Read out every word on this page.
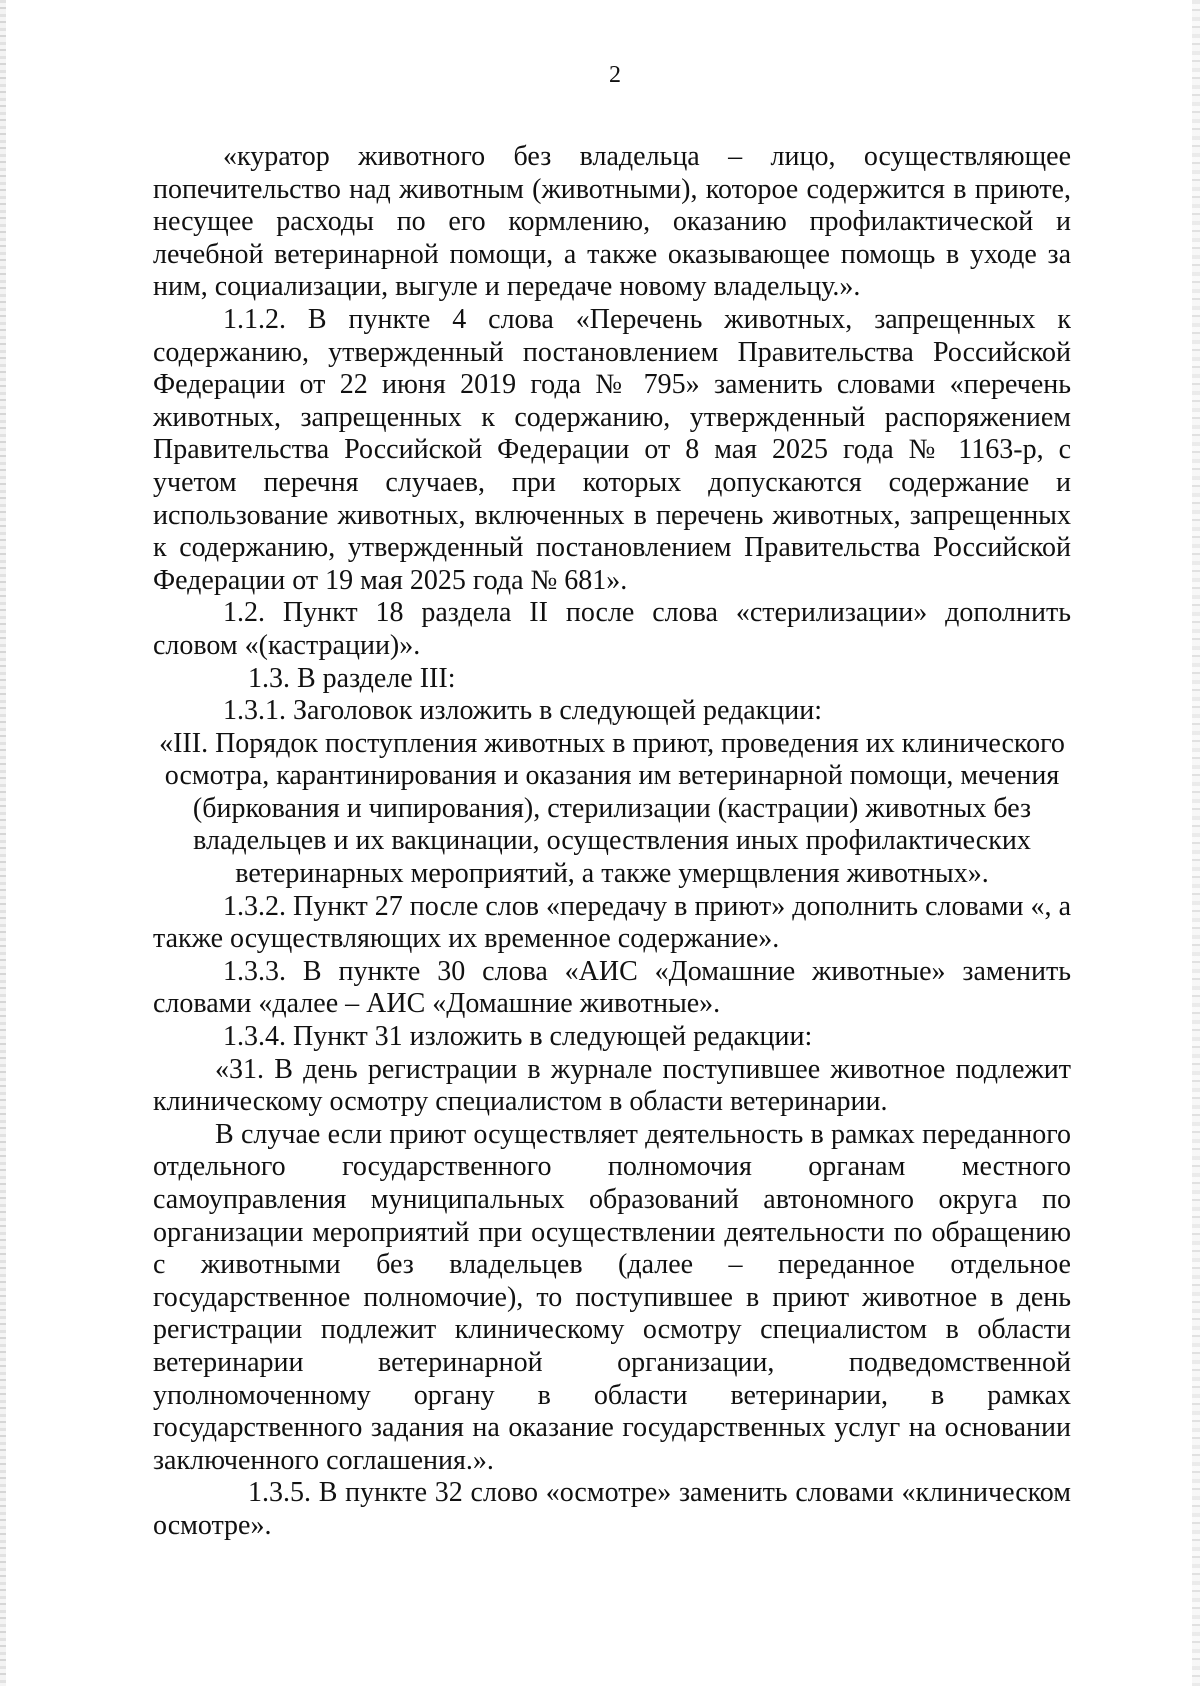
2

«куратор животного без владельца – лицо, осуществляющее попечительство над животным (животными), которое содержится в приюте, несущее расходы по его кормлению, оказанию профилактической и лечебной ветеринарной помощи, а также оказывающее помощь в уходе за ним, социализации, выгуле и передаче новому владельцу.».

1.1.2. В пункте 4 слова «Перечень животных, запрещенных к содержанию, утвержденный постановлением Правительства Российской Федерации от 22 июня 2019 года № 795» заменить словами «перечень животных, запрещенных к содержанию, утвержденный распоряжением Правительства Российской Федерации от 8 мая 2025 года № 1163-р, с учетом перечня случаев, при которых допускаются содержание и использование животных, включенных в перечень животных, запрещенных к содержанию, утвержденный постановлением Правительства Российской Федерации от 19 мая 2025 года № 681».

1.2. Пункт 18 раздела II после слова «стерилизации» дополнить словом «(кастрации)».

1.3. В разделе III:

1.3.1. Заголовок изложить в следующей редакции:

«III. Порядок поступления животных в приют, проведения их клинического осмотра, карантинирования и оказания им ветеринарной помощи, мечения (биркования и чипирования), стерилизации (кастрации) животных без владельцев и их вакцинации, осуществления иных профилактических ветеринарных мероприятий, а также умерщвления животных».

1.3.2. Пункт 27 после слов «передачу в приют» дополнить словами «, а также осуществляющих их временное содержание».

1.3.3. В пункте 30 слова «АИС «Домашние животные» заменить словами «далее – АИС «Домашние животные».

1.3.4. Пункт 31 изложить в следующей редакции:

«31. В день регистрации в журнале поступившее животное подлежит клиническому осмотру специалистом в области ветеринарии.

В случае если приют осуществляет деятельность в рамках переданного отдельного государственного полномочия органам местного самоуправления муниципальных образований автономного округа по организации мероприятий при осуществлении деятельности по обращению с животными без владельцев (далее – переданное отдельное государственное полномочие), то поступившее в приют животное в день регистрации подлежит клиническому осмотру специалистом в области ветеринарии ветеринарной организации, подведомственной уполномоченному органу в области ветеринарии, в рамках государственного задания на оказание государственных услуг на основании заключенного соглашения.».

1.3.5. В пункте 32 слово «осмотре» заменить словами «клиническом осмотре».
